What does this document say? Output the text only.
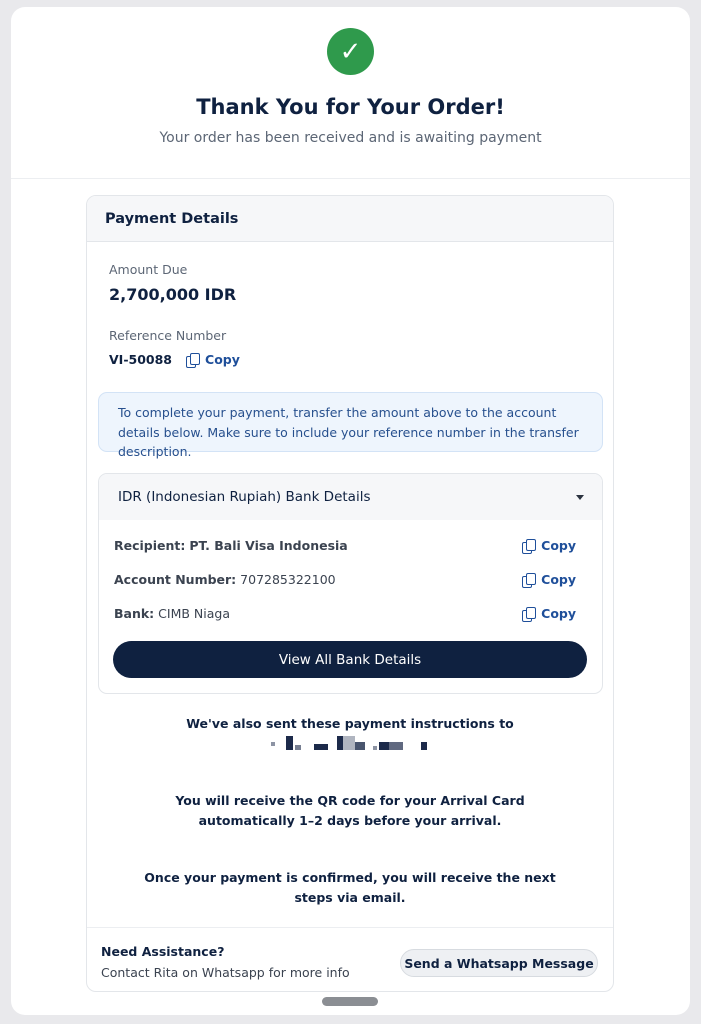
✓
Thank You for Your Order!

Your order has been received and is awaiting payment

Payment Details
Amount Due
2,700,000 IDR
Reference Number
VI-50088	Copy
To complete your payment, transfer the amount above to the account details below. Make sure to include your reference number in the transfer description.
IDR (Indonesian Rupiah) Bank Details
Recipient: PT. Bali Visa Indonesia	Copy
Account Number: 707285322100	Copy
Bank: CIMB Niaga	Copy
View All Bank Details
We've also sent these payment instructions to
You will receive the QR code for your Arrival Card
automatically 1–2 days before your arrival.
Once your payment is confirmed, you will receive the next
steps via email.
Need Assistance?
Contact Rita on Whatsapp for more info
Send a Whatsapp Message
